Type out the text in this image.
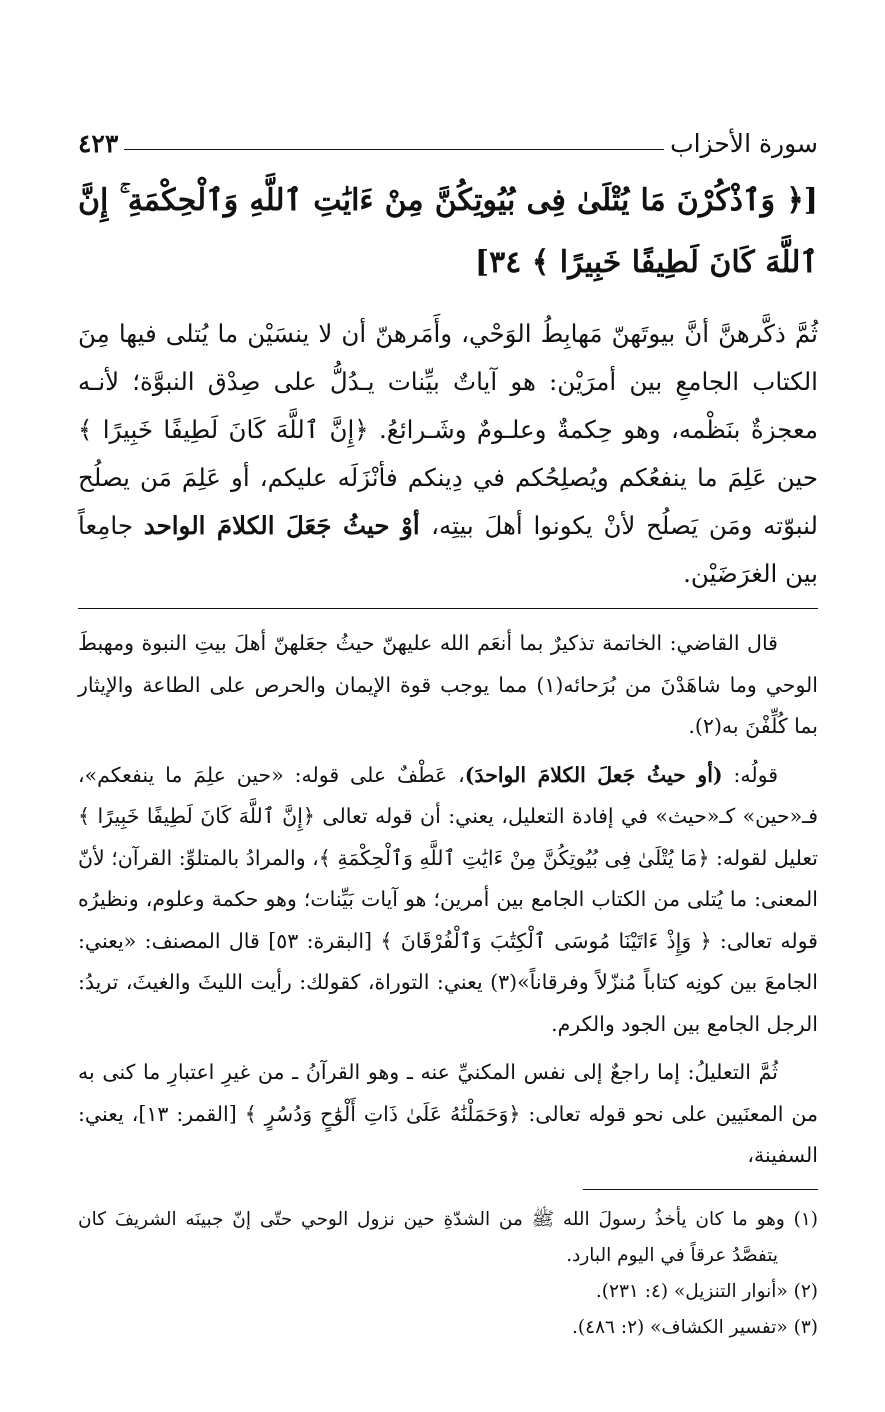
سورة الأحزاب
٤٢٣
[﴿ وَٱذْكُرْنَ مَا يُتْلَىٰ فِى بُيُوتِكُنَّ مِنْ ءَايَٰتِ ٱللَّهِ وَٱلْحِكْمَةِ ۚ إِنَّ ٱللَّهَ كَانَ لَطِيفًا خَبِيرًا ﴾ ٣٤]

ثُمَّ ذكَّرهنَّ أنَّ بيوتَهنّ مَهابِطُ الوَحْي، وأَمَرهنّ أن لا ينسَيْن ما يُتلى فيها مِنَ الكتاب الجامعِ بين أمرَيْن: هو آياتٌ بيِّنات يـدُلُّ على صِدْق النبوَّة؛ لأنـه معجزةٌ بنَظْمه، وهو حِكمةٌ وعلـومٌ وشَـرائعُ. ﴿إِنَّ ٱللَّهَ كَانَ لَطِيفًا خَبِيرًا ﴾ حين عَلِمَ ما ينفعُكم ويُصلِحُكم في دِينكم فأنْزَلَه عليكم، أو عَلِمَ مَن يصلُح لنبوّته ومَن يَصلُح لأنْ يكونوا أهلَ بيتِه، أوْ حيثُ جَعَلَ الكلامَ الواحد جامِعاً بين الغرَضَيْن.

قال القاضي: الخاتمة تذكيرٌ بما أنعَم الله عليهنّ حيثُ جعَلهنّ أهلَ بيتِ النبوة ومهبطَ الوحي وما شاهَدْنَ من بُرَحائه(١) مما يوجب قوة الإيمان والحرص على الطاعة والإيثار بما كُلِّفْنَ به(٢).

قولُه: (أو حيثُ جَعلَ الكلامَ الواحدَ)، عَطْفٌ على قوله: «حين علِمَ ما ينفعكم»، فـ«حين» كـ«حيث» في إفادة التعليل، يعني: أن قوله تعالى ﴿إِنَّ ٱللَّهَ كَانَ لَطِيفًا خَبِيرًا ﴾ تعليل لقوله: ﴿مَا يُتْلَىٰ فِى بُيُوتِكُنَّ مِنْ ءَايَٰتِ ٱللَّهِ وَٱلْحِكْمَةِ ﴾، والمرادُ بالمتلوِّ: القرآن؛ لأنّ المعنى: ما يُتلى من الكتاب الجامع بين أمرين؛ هو آيات بَيِّنات؛ وهو حكمة وعلوم، ونظيرُه قوله تعالى: ﴿ وَإِذْ ءَاتَيْنَا مُوسَى ٱلْكِتَٰبَ وَٱلْفُرْقَانَ ﴾ [البقرة: ٥٣] قال المصنف: «يعني: الجامعَ بين كونِه كتاباً مُنزّلاً وفرقاناً»(٣) يعني: التوراة، كقولك: رأيت الليثَ والغيثَ، تريدُ: الرجل الجامع بين الجود والكرم.

ثُمَّ التعليلُ: إما راجعٌ إلى نفس المكنيِّ عنه ـ وهو القرآنُ ـ من غيرِ اعتبارِ ما كنى به من المعنَيين على نحو قوله تعالى: ﴿وَحَمَلْنَٰهُ عَلَىٰ ذَاتِ أَلْوَٰحٍ وَدُسُرٍ ﴾ [القمر: ١٣]، يعني: السفينة،

(١) وهو ما كان يأخذُ رسولَ الله ﷺ من الشدّةِ حين نزول الوحي حتّى إنّ جبينَه الشريفَ كان يتفصَّدُ عرقاً في اليوم البارد.
(٢) «أنوار التنزيل» (٤: ٢٣١).
(٣) «تفسير الكشاف» (٢: ٤٨٦).
